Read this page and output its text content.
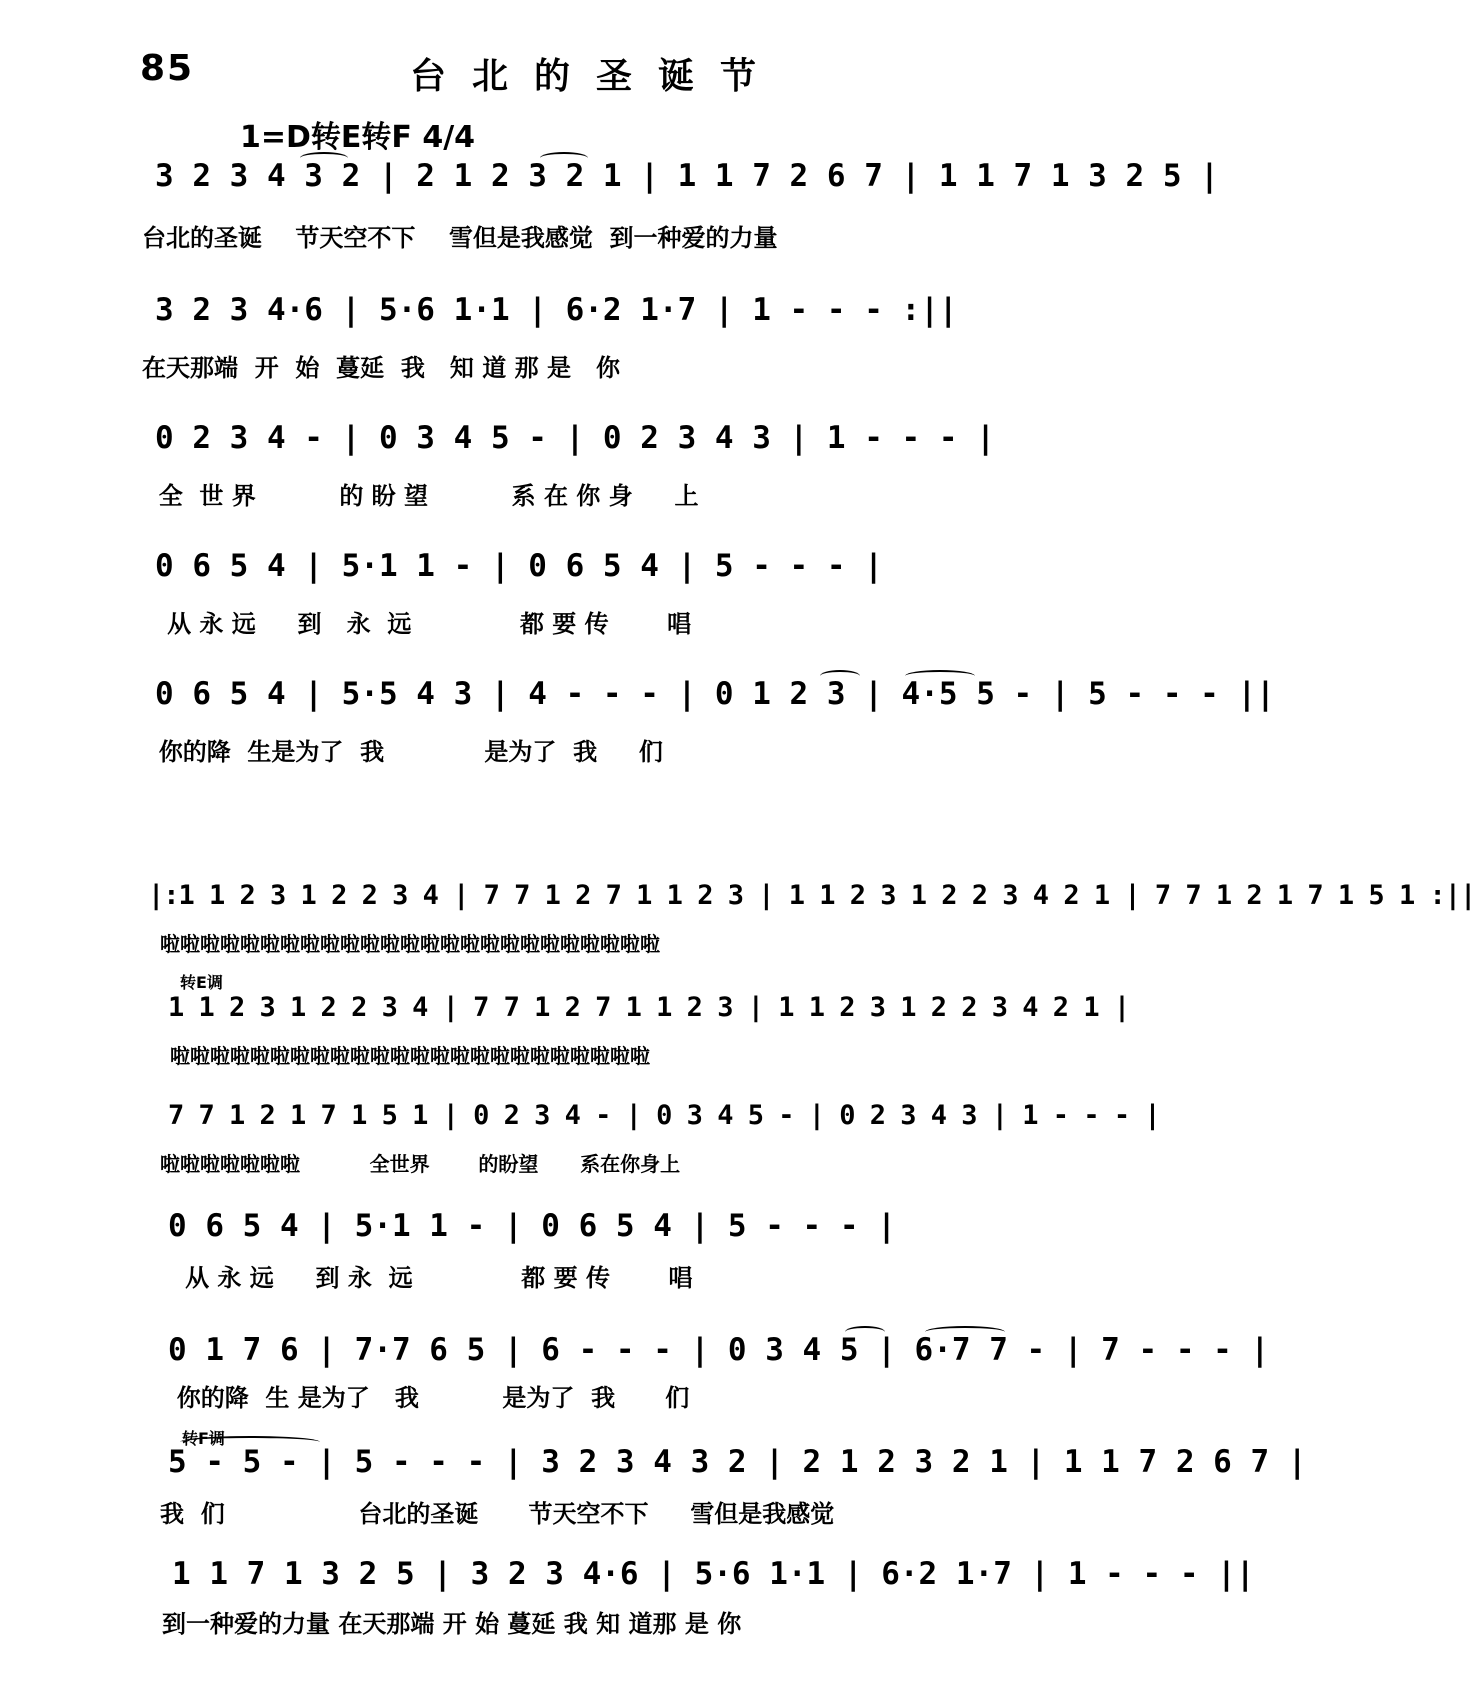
85	台北的圣诞节
1=D转E转F 4/4
3 2 3 4 3 2 | 2 1 2 3 2 1 | 1 1 7 2 6 7 | 1 1 7 1 3 2 5 |
台北的圣诞    节天空不下    雪但是我感觉  到一种爱的力量
3 2 3 4·6 | 5·6 1·1 | 6·2 1·7 | 1 - - - :||
在天那端  开  始  蔓延  我   知 道 那 是   你
0 2 3 4 - | 0 3 4 5 - | 0 2 3 4 3 | 1 - - - |
全  世 界          的 盼 望          系 在 你 身     上
0 6 5 4 | 5·1 1 - | 0 6 5 4 | 5 - - - |
从 永 远     到   永  远             都 要 传       唱
0 6 5 4 | 5·5 4 3 | 4 - - - | 0 1 2 3 | 4·5 5 - | 5 - - - ||
你的降  生是为了  我            是为了  我     们
|:1 1 2 3 1 2 2 3 4 | 7 7 1 2 7 1 1 2 3 | 1 1 2 3 1 2 2 3 4 2 1 | 7 7 1 2 1 7 1 5 1 :||
啦啦啦啦啦啦啦啦啦啦啦啦啦啦啦啦啦啦啦啦啦啦啦啦啦
转E调
1 1 2 3 1 2 2 3 4 | 7 7 1 2 7 1 1 2 3 | 1 1 2 3 1 2 2 3 4 2 1 |
啦啦啦啦啦啦啦啦啦啦啦啦啦啦啦啦啦啦啦啦啦啦啦啦
7 7 1 2 1 7 1 5 1 | 0 2 3 4 - | 0 3 4 5 - | 0 2 3 4 3 | 1 - - - |
啦啦啦啦啦啦啦          全世界       的盼望      系在你身上
0 6 5 4 | 5·1 1 - | 0 6 5 4 | 5 - - - |
从 永 远     到 永  远             都 要 传       唱
0 1 7 6 | 7·7 6 5 | 6 - - - | 0 3 4 5 | 6·7 7 - | 7 - - - |
你的降  生 是为了   我          是为了  我      们
转F调
5 - 5 - | 5 - - - | 3 2 3 4 3 2 | 2 1 2 3 2 1 | 1 1 7 2 6 7 |
我  们                台北的圣诞      节天空不下     雪但是我感觉
1 1 7 1 3 2 5 | 3 2 3 4·6 | 5·6 1·1 | 6·2 1·7 | 1 - - - ||
到一种爱的力量 在天那端 开 始 蔓延 我 知 道那 是 你
